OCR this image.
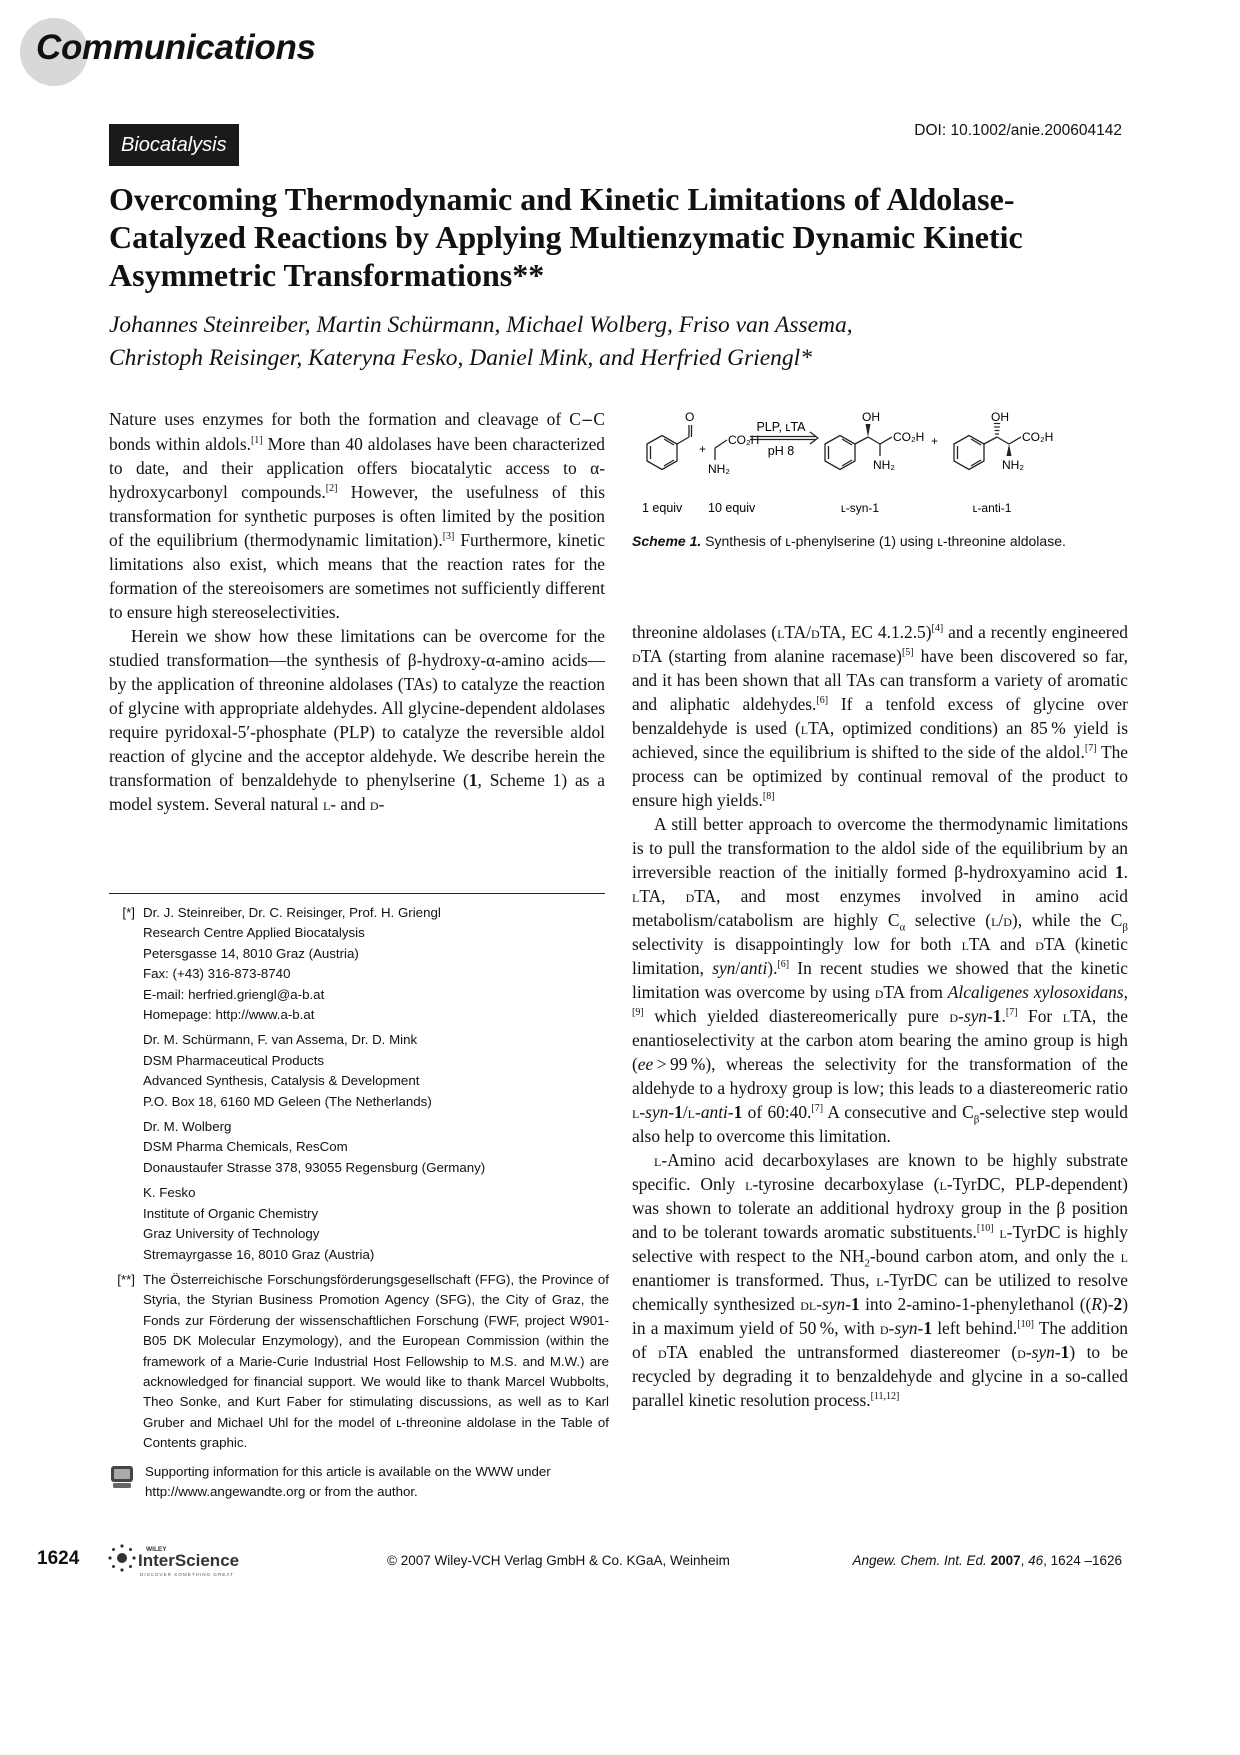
Communications
Biocatalysis
DOI: 10.1002/anie.200604142
Overcoming Thermodynamic and Kinetic Limitations of Aldolase-Catalyzed Reactions by Applying Multienzymatic Dynamic Kinetic Asymmetric Transformations**
Johannes Steinreiber, Martin Schürmann, Michael Wolberg, Friso van Assema,
Christoph Reisinger, Kateryna Fesko, Daniel Mink, and Herfried Griengl*

Nature uses enzymes for both the formation and cleavage of C−C bonds within aldols.[1] More than 40 aldolases have been characterized to date, and their application offers biocatalytic access to α-hydroxycarbonyl compounds.[2] However, the usefulness of this transformation for synthetic purposes is often limited by the position of the equilibrium (thermodynamic limitation).[3] Furthermore, kinetic limitations also exist, which means that the reaction rates for the formation of the stereoisomers are sometimes not sufficiently different to ensure high stereoselectivities.

Herein we show how these limitations can be overcome for the studied transformation—the synthesis of β-hydroxy-α-amino acids—by the application of threonine aldolases (TAs) to catalyze the reaction of glycine with appropriate aldehydes. All glycine-dependent aldolases require pyridoxal-5′-phosphate (PLP) to catalyze the reversible aldol reaction of glycine and the acceptor aldehyde. We describe herein the transformation of benzaldehyde to phenylserine (1, Scheme 1) as a model system. Several natural l- and d-

[*] Dr. J. Steinreiber, Dr. C. Reisinger, Prof. H. Griengl
Research Centre Applied Biocatalysis
Petersgasse 14, 8010 Graz (Austria)
Fax: (+43) 316-873-8740
E-mail: herfried.griengl@a-b.at
Homepage: http://www.a-b.at
Dr. M. Schürmann, F. van Assema, Dr. D. Mink
DSM Pharmaceutical Products
Advanced Synthesis, Catalysis & Development
P.O. Box 18, 6160 MD Geleen (The Netherlands)
Dr. M. Wolberg
DSM Pharma Chemicals, ResCom
Donaustaufer Strasse 378, 93055 Regensburg (Germany)
K. Fesko
Institute of Organic Chemistry
Graz University of Technology
Stremayrgasse 16, 8010 Graz (Austria)
[**] The Österreichische Forschungsförderungsgesellschaft (FFG), the Province of Styria, the Styrian Business Promotion Agency (SFG), the City of Graz, the Fonds zur Förderung der wissenschaftlichen Forschung (FWF, project W901-B05 DK Molecular Enzymology), and the European Commission (within the framework of a Marie-Curie Industrial Host Fellowship to M.S. and M.W.) are acknowledged for financial support. We would like to thank Marcel Wubbolts, Theo Sonke, and Kurt Faber for stimulating discussions, as well as to Karl Gruber and Michael Uhl for the model of ʟ-threonine aldolase in the Table of Contents graphic.
Supporting information for this article is available on the WWW under http://www.angewandte.org or from the author.
O
+
CO₂H
NH₂
PLP, ʟTA
pH 8
OH
CO₂H
NH₂
+
OH
CO₂H
NH₂
1 equiv 10 equiv	ʟ-syn-1	ʟ-anti-1
Scheme 1. Synthesis of ʟ-phenylserine (1) using ʟ-threonine aldolase.

threonine aldolases (lTA/dTA, EC 4.1.2.5)[4] and a recently engineered dTA (starting from alanine racemase)[5] have been discovered so far, and it has been shown that all TAs can transform a variety of aromatic and aliphatic aldehydes.[6] If a tenfold excess of glycine over benzaldehyde is used (lTA, optimized conditions) an 85 % yield is achieved, since the equilibrium is shifted to the side of the aldol.[7] The process can be optimized by continual removal of the product to ensure high yields.[8]

A still better approach to overcome the thermodynamic limitations is to pull the transformation to the aldol side of the equilibrium by an irreversible reaction of the initially formed β-hydroxyamino acid 1. lTA, dTA, and most enzymes involved in amino acid metabolism/catabolism are highly $C_\alpha$ selective (l/d), while the $C_\beta$ selectivity is disappointingly low for both lTA and dTA (kinetic limitation, syn/anti).[6] In recent studies we showed that the kinetic limitation was overcome by using dTA from Alcaligenes xylosoxidans,[9] which yielded diastereomerically pure d-syn-1.[7] For lTA, the enantioselectivity at the carbon atom bearing the amino group is high (ee > 99 %), whereas the selectivity for the transformation of the aldehyde to a hydroxy group is low; this leads to a diastereomeric ratio l-syn-1/l-anti-1 of 60:40.[7] A consecutive and $C_\beta$-selective step would also help to overcome this limitation.

l-Amino acid decarboxylases are known to be highly substrate specific. Only l-tyrosine decarboxylase (l-TyrDC, PLP-dependent) was shown to tolerate an additional hydroxy group in the β position and to be tolerant towards aromatic substituents.[10] l-TyrDC is highly selective with respect to the $NH_2$-bound carbon atom, and only the l enantiomer is transformed. Thus, l-TyrDC can be utilized to resolve chemically synthesized dl-syn-1 into 2-amino-1-phenylethanol ((R)-2) in a maximum yield of 50 %, with d-syn-1 left behind.[10] The addition of dTA enabled the untransformed diastereomer (d-syn-1) to be recycled by degrading it to benzaldehyde and glycine in a so-called parallel kinetic resolution process.[11,12]

1624	WILEY
InterScience
DISCOVER SOMETHING GREAT
© 2007 Wiley-VCH Verlag GmbH & Co. KGaA, Weinheim	Angew. Chem. Int. Ed. 2007, 46, 1624 –1626
